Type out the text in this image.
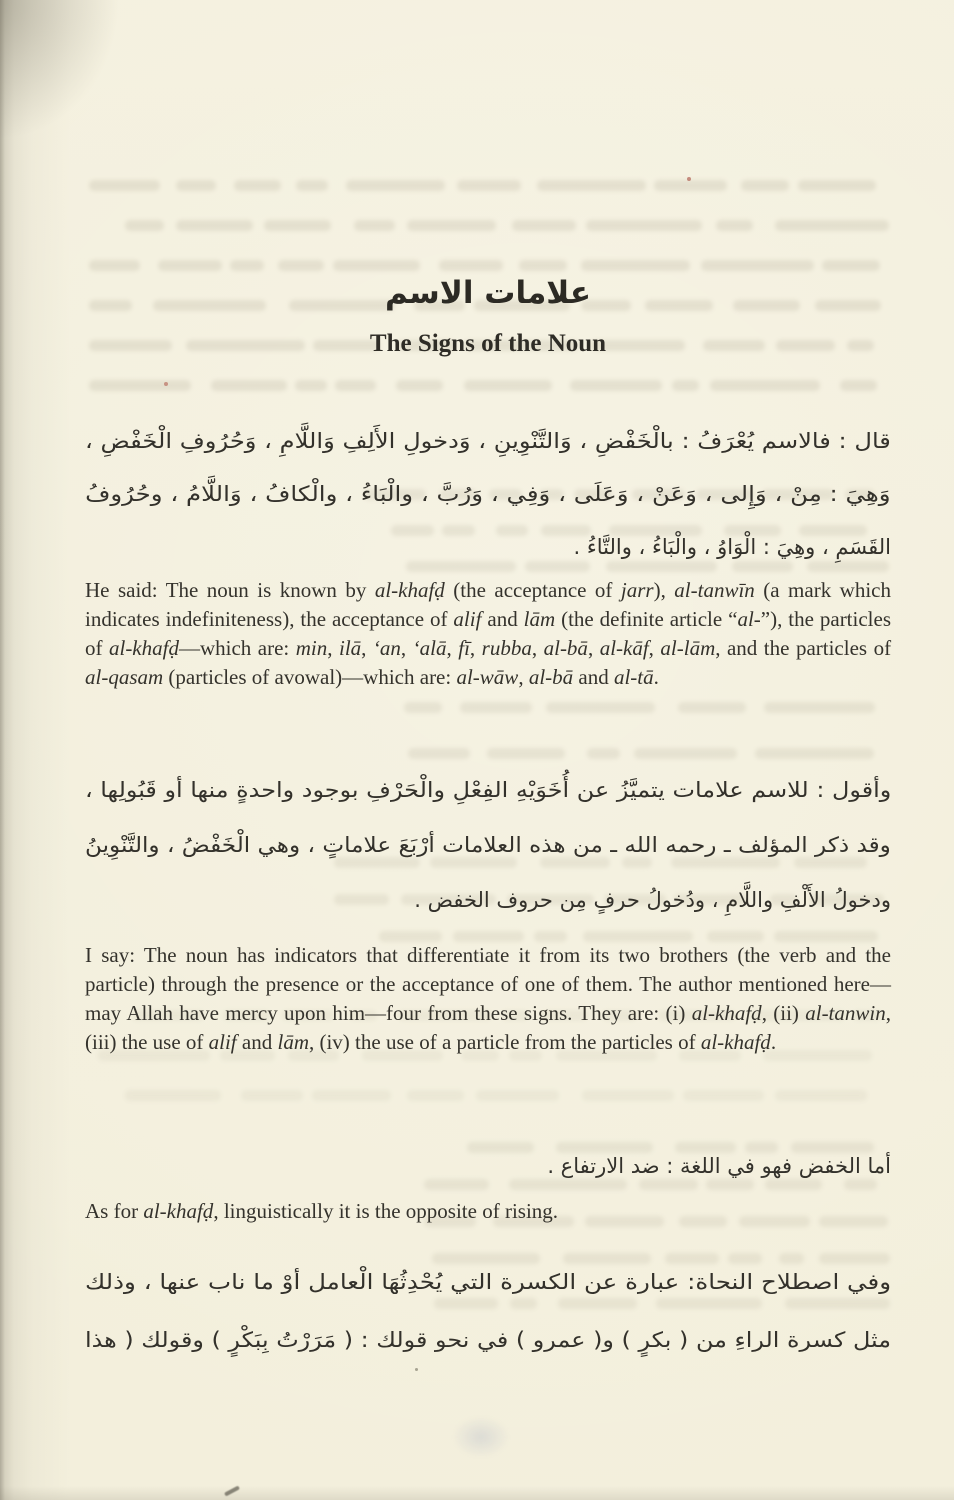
علامات الاسم
The Signs of the Noun
قال : فالاسم يُعْرَفُ : بالْخَفْضِ ، وَالتَّنْوِينِ ، وَدخولِ الأَلِفِ وَاللَّامِ ، وَحُرُوفِ الْخَفْضِ ،
وَهِيَ : مِنْ ، وَإِلى ، وَعَنْ ، وَعَلَى ، وَفِي ، وَرُبَّ ، والْبَاءُ ، والْكافُ ، وَاللَّامُ ، وحُرُوفُ
القَسَمِ ، وهِيَ : الْوَاوُ ، والْبَاءُ ، والتَّاءُ .

He said: The noun is known by al-khafḍ (the acceptance of jarr), al-tanwīn (a mark which indicates indefiniteness), the acceptance of alif and lām (the definite article “al-”), the particles of al-khafḍ—which are: min, ilā, ‘an, ‘alā, fī, rubba, al-bā, al-kāf, al-lām, and the particles of al-qasam (particles of avowal)—which are: al-wāw, al-bā and al-tā.

وأقول : للاسم علامات يتميَّزُ عن أُخَوَيْهِ الفِعْلِ والْحَرْفِ بوجود واحدةٍ منها أو قَبُولِها ،
وقد ذكر المؤلف ـ رحمه الله ـ من هذه العلامات أرْبَعَ علاماتٍ ، وهي الْخَفْضُ ، والتَّنْوِينُ
ودخولُ الأَلْفِ واللَّامِ ، ودُخولُ حرفٍ مِن حروف الخفض .

I say: The noun has indicators that differentiate it from its two brothers (the verb and the particle) through the presence or the acceptance of one of them. The author mentioned here—may Allah have mercy upon him—four from these signs. They are: (i) al-khafḍ, (ii) al-tanwin, (iii) the use of alif and lām, (iv) the use of a particle from the particles of al-khafḍ.

أما الخفض فهو في اللغة : ضد الارتفاع .

As for al-khafḍ, linguistically it is the opposite of rising.

وفي اصطلاح النحاة: عبارة عن الكسرة التي يُحْدِثُهَا الْعامل أوْ ما ناب عنها ، وذلك
مثل كسرة الراءِ من ( بكرٍ ) و( عمرو ) في نحو قولك : ( مَرَرْتُ بِبَكْرٍ ) وقولك ( هذا
